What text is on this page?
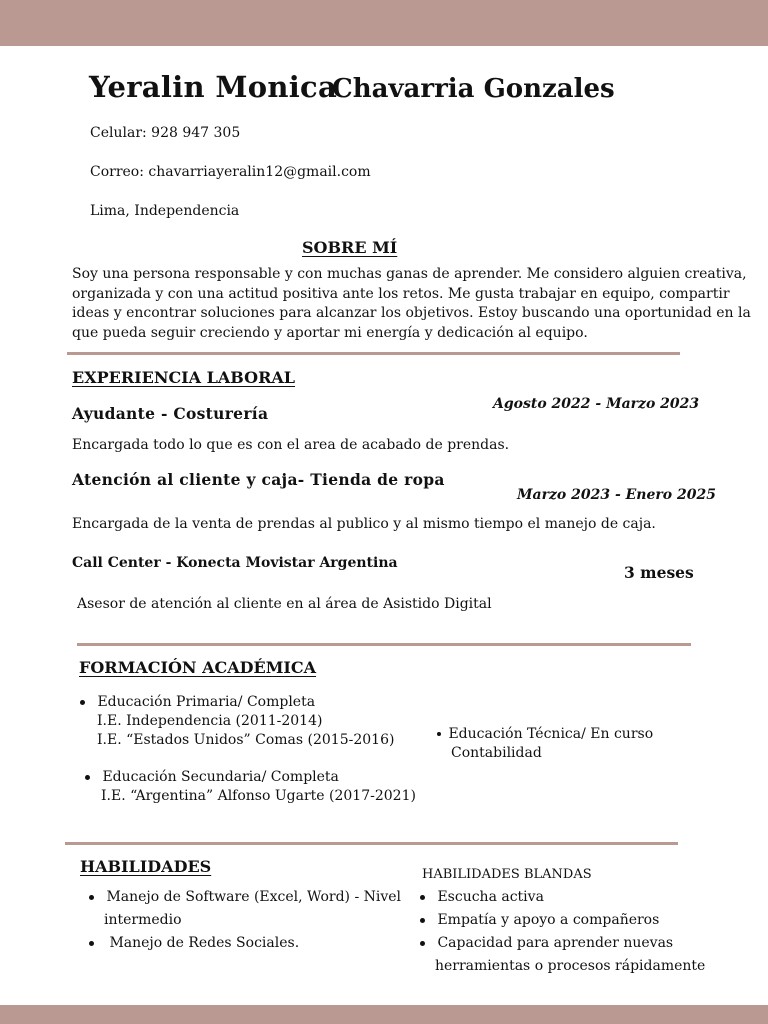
Yeralin Monica
Chavarria Gonzales
Celular: 928 947 305
Correo: chavarriayeralin12@gmail.com
Lima, Independencia
SOBRE MÍ
Soy una persona responsable y con muchas ganas de aprender. Me considero alguien creativa,
organizada y con una actitud positiva ante los retos. Me gusta trabajar en equipo, compartir
ideas y encontrar soluciones para alcanzar los objetivos. Estoy buscando una oportunidad en la
que pueda seguir creciendo y aportar mi energía y dedicación al equipo.
EXPERIENCIA LABORAL
Ayudante - Costurería	Agosto 2022 - Marzo 2023
Encargada todo lo que es con el area de acabado de prendas.
Atención al cliente y caja- Tienda de ropa
Marzo 2023 - Enero 2025
Encargada de la venta de prendas al publico y al mismo tiempo el manejo de caja.
Call Center - Konecta Movistar Argentina	3 meses
Asesor de atención al cliente en al área de Asistido Digital
FORMACIÓN ACADÉMICA
Educación Primaria/ Completa
I.E. Independencia (2011-2014)
I.E. “Estados Unidos” Comas (2015-2016)	Educación Técnica/ En curso
Contabilidad
Educación Secundaria/ Completa
I.E. “Argentina” Alfonso Ugarte (2017-2021)
HABILIDADES
Manejo de Software (Excel, Word) - Nivel
intermedio
Manejo de Redes Sociales.
HABILIDADES BLANDAS
Escucha activa
Empatía y apoyo a compañeros
Capacidad para aprender nuevas
herramientas o procesos rápidamente
